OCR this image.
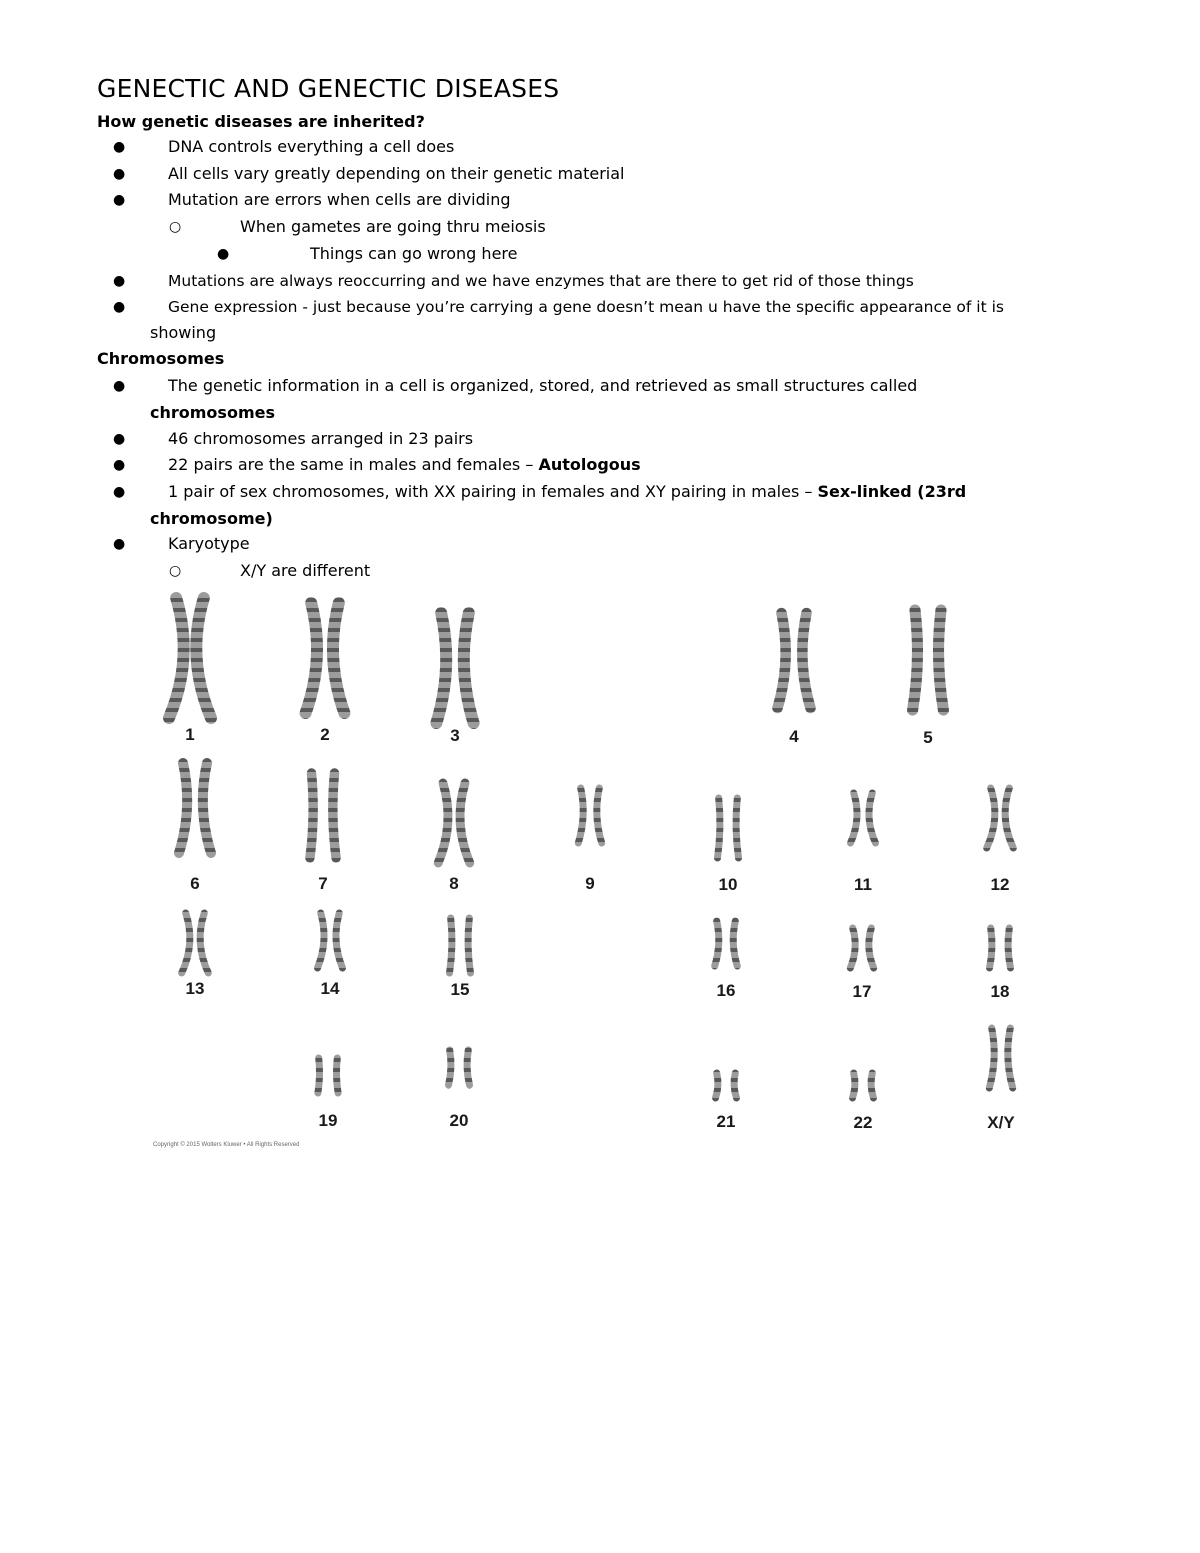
GENECTIC AND GENECTIC DISEASES
How genetic diseases are inherited?
●	DNA controls everything a cell does
●	All cells vary greatly depending on their genetic material
●	Mutation are errors when cells are dividing
○	When gametes are going thru meiosis
●	Things can go wrong here
●	Mutations are always reoccurring and we have enzymes that are there to get rid of those things
●	Gene expression - just because you’re carrying a gene doesn’t mean u have the specific appearance of it is
showing
Chromosomes
●	The genetic information in a cell is organized, stored, and retrieved as small structures called
chromosomes
●	46 chromosomes arranged in 23 pairs
●	22 pairs are the same in males and females – Autologous
●	1 pair of sex chromosomes, with XX pairing in females and XY pairing in males – Sex-linked (23rd
chromosome)
●	Karyotype
○	X/Y are different
1	2	3	4	5
6	7	8	9	10	11	12
13	14	15	16	17	18
19	20	21	22	X/Y
Copyright © 2015 Wolters Kluwer • All Rights Reserved
